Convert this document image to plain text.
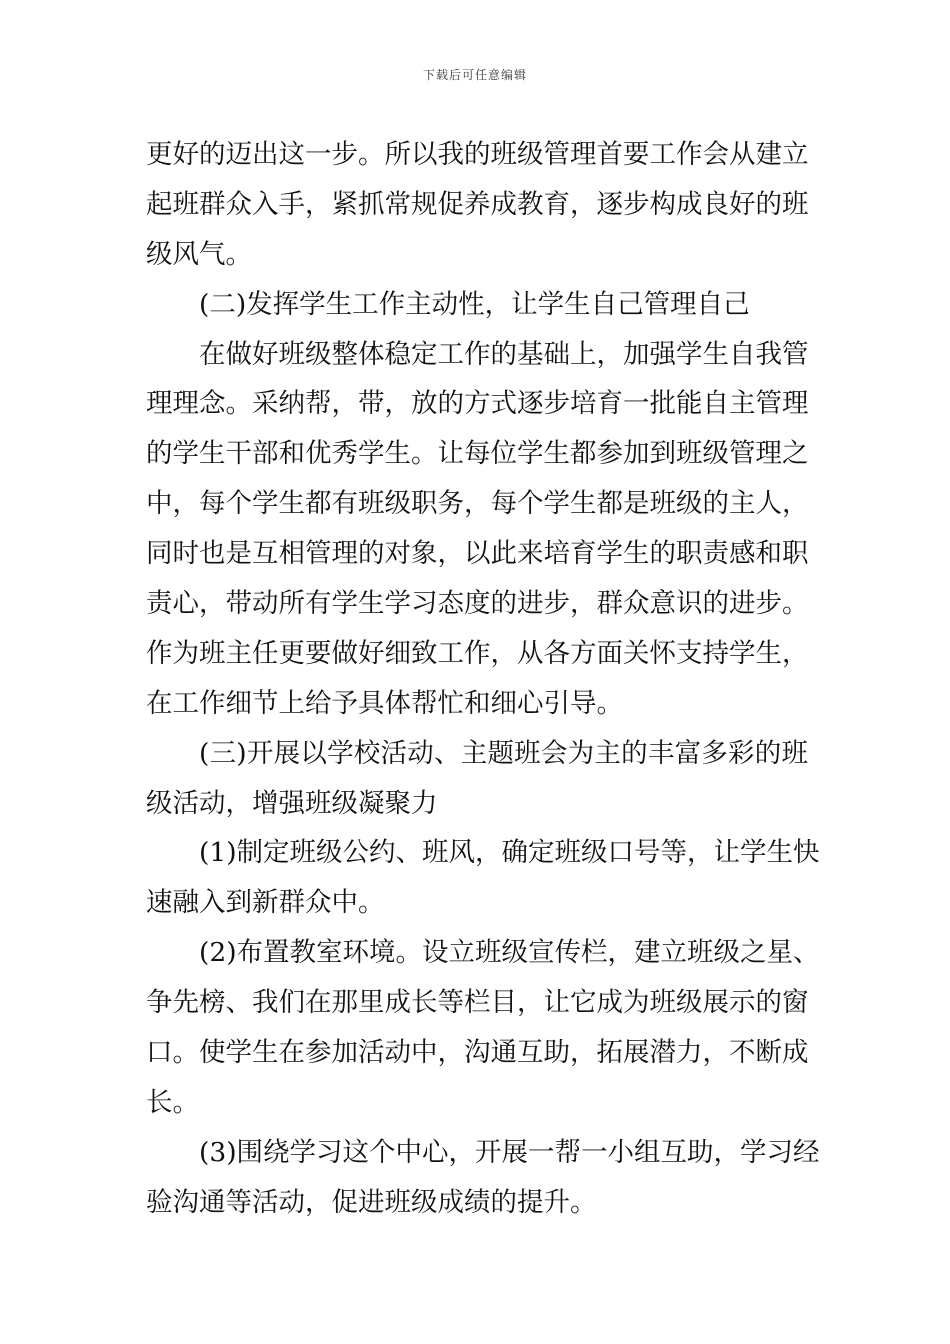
下载后可任意编辑
更好的迈出这一步。所以我的班级管理首要工作会从建立
起班群众入手，紧抓常规促养成教育，逐步构成良好的班
级风气。
(二)发挥学生工作主动性，让学生自己管理自己
在做好班级整体稳定工作的基础上，加强学生自我管
理理念。采纳帮，带，放的方式逐步培育一批能自主管理
的学生干部和优秀学生。让每位学生都参加到班级管理之
中，每个学生都有班级职务，每个学生都是班级的主人，
同时也是互相管理的对象，以此来培育学生的职责感和职
责心，带动所有学生学习态度的进步，群众意识的进步。
作为班主任更要做好细致工作，从各方面关怀支持学生，
在工作细节上给予具体帮忙和细心引导。
(三)开展以学校活动、主题班会为主的丰富多彩的班
级活动，增强班级凝聚力
(1)制定班级公约、班风，确定班级口号等，让学生快
速融入到新群众中。
(2)布置教室环境。设立班级宣传栏，建立班级之星、
争先榜、我们在那里成长等栏目，让它成为班级展示的窗
口。使学生在参加活动中，沟通互助，拓展潜力，不断成
长。
(3)围绕学习这个中心，开展一帮一小组互助，学习经
验沟通等活动，促进班级成绩的提升。
